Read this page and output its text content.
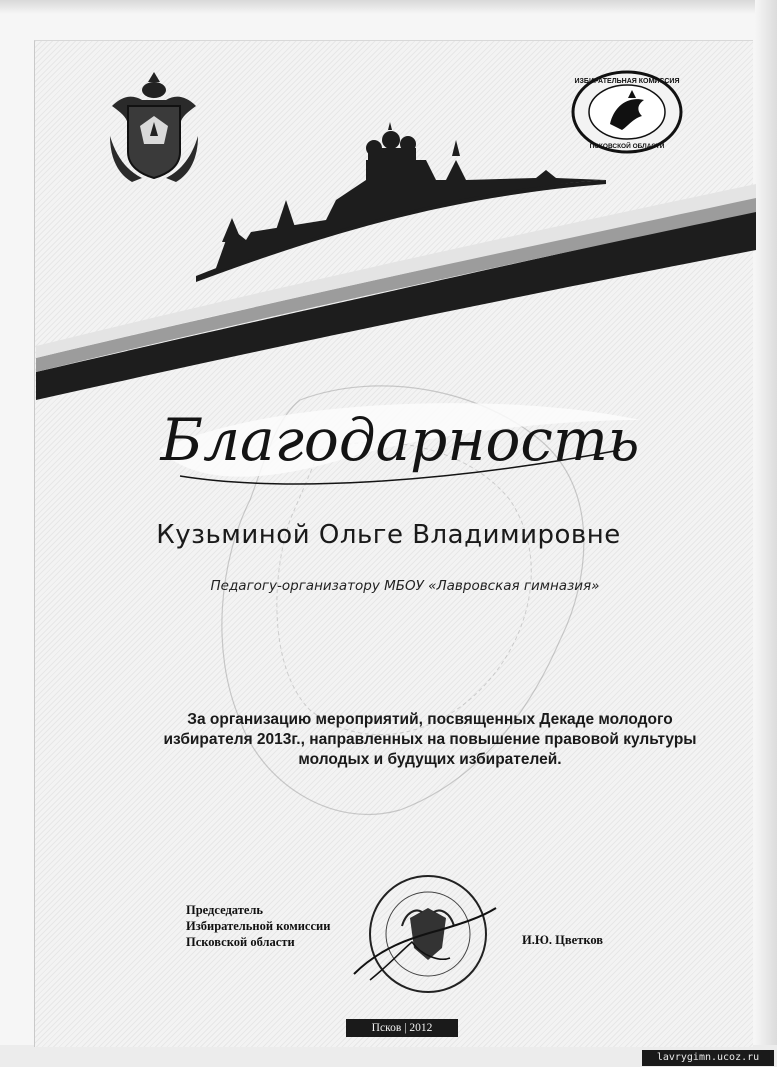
ИЗБИРАТЕЛЬНАЯ КОМИССИЯ
ПСКОВСКОЙ ОБЛАСТИ
Благодарность
Кузьминой Ольге Владимировне
Педагогу-организатору МБОУ «Лавровская гимназия»
За организацию мероприятий, посвященных Декаде молодого
избирателя 2013г., направленных на повышение правовой культуры
молодых и будущих избирателей.
Председатель
Избирательной комиссии
Псковской области	И.Ю. Цветков
Псков | 2012
lavrygimn.ucoz.ru
